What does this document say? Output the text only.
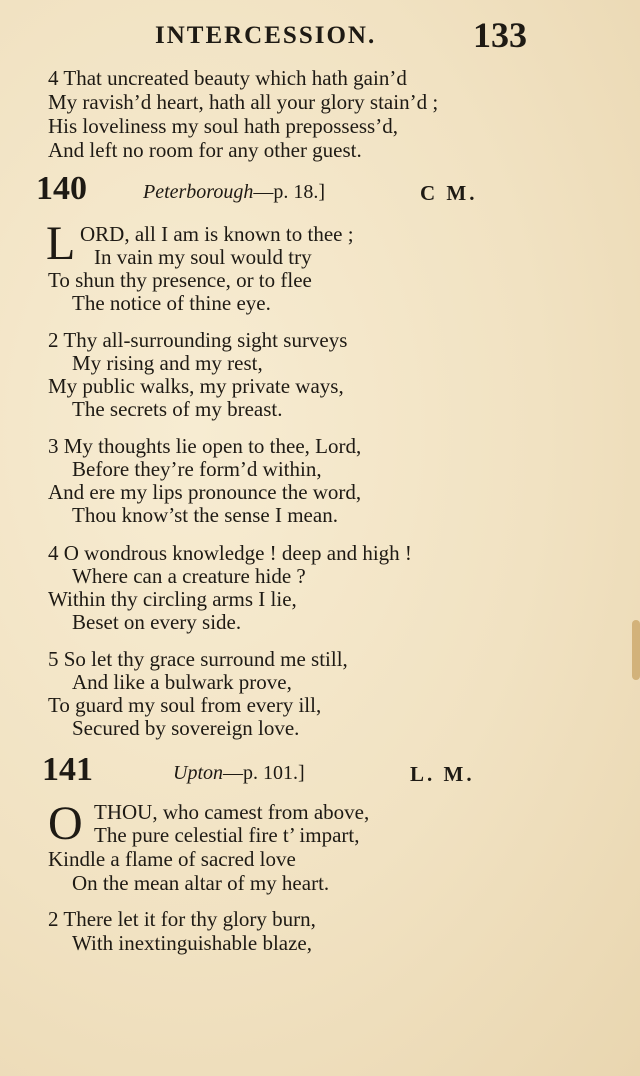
INTERCESSION.	133
4 That uncreated beauty which hath gain’d
My ravish’d heart, hath all your glory stain’d ;
His loveliness my soul hath prepossess’d,
And left no room for any other guest.
140	Peterborough—p. 18.]	C M.
L ORD, all I am is known to thee ;
In vain my soul would try
To shun thy presence, or to flee
The notice of thine eye.
2 Thy all-surrounding sight surveys
My rising and my rest,
My public walks, my private ways,
The secrets of my breast.
3 My thoughts lie open to thee, Lord,
Before they’re form’d within,
And ere my lips pronounce the word,
Thou know’st the sense I mean.
4 O wondrous knowledge ! deep and high !
Where can a creature hide ?
Within thy circling arms I lie,
Beset on every side.
5 So let thy grace surround me still,
And like a bulwark prove,
To guard my soul from every ill,
Secured by sovereign love.
141	Upton—p. 101.]	L. M.
O THOU, who camest from above,
The pure celestial fire t’ impart,
Kindle a flame of sacred love
On the mean altar of my heart.
2 There let it for thy glory burn,
With inextinguishable blaze,
